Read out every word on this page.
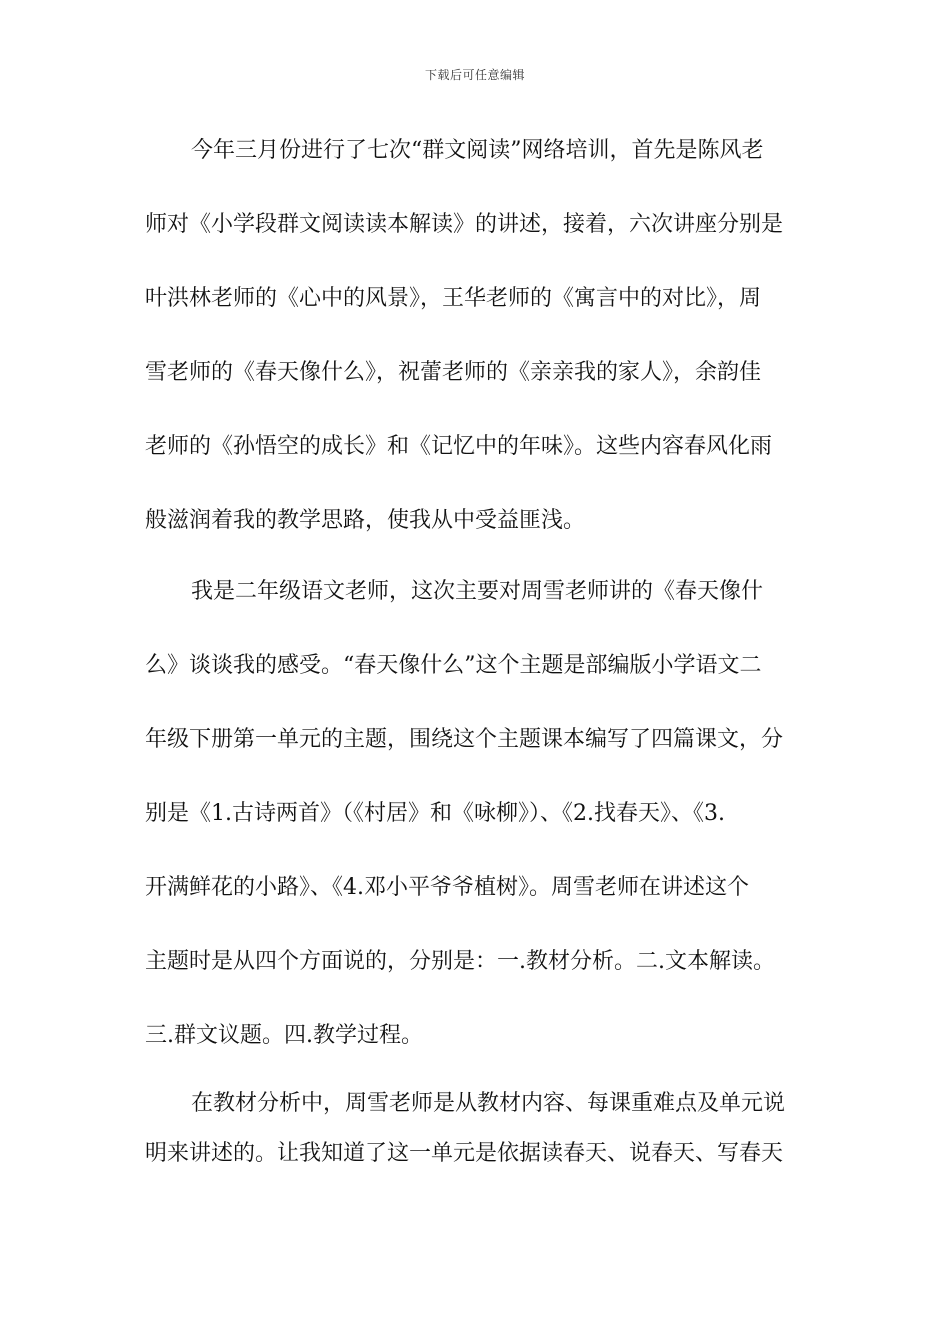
下载后可任意编辑
今年三月份进行了七次“群文阅读”网络培训，首先是陈风老
师对《小学段群文阅读读本解读》的讲述，接着，六次讲座分别是
叶洪林老师的《心中的风景》，王华老师的《寓言中的对比》，周
雪老师的《春天像什么》，祝蕾老师的《亲亲我的家人》，余韵佳
老师的《孙悟空的成长》和《记忆中的年味》。这些内容春风化雨
般滋润着我的教学思路，使我从中受益匪浅。
我是二年级语文老师，这次主要对周雪老师讲的《春天像什
么》谈谈我的感受。“春天像什么”这个主题是部编版小学语文二
年级下册第一单元的主题，围绕这个主题课本编写了四篇课文，分
别是《1.古诗两首》（《村居》和《咏柳》）、《2.找春天》、《3.
开满鲜花的小路》、《4.邓小平爷爷植树》。周雪老师在讲述这个
主题时是从四个方面说的，分别是：一.教材分析。二.文本解读。
三.群文议题。四.教学过程。
在教材分析中，周雪老师是从教材内容、每课重难点及单元说
明来讲述的。让我知道了这一单元是依据读春天、说春天、写春天
